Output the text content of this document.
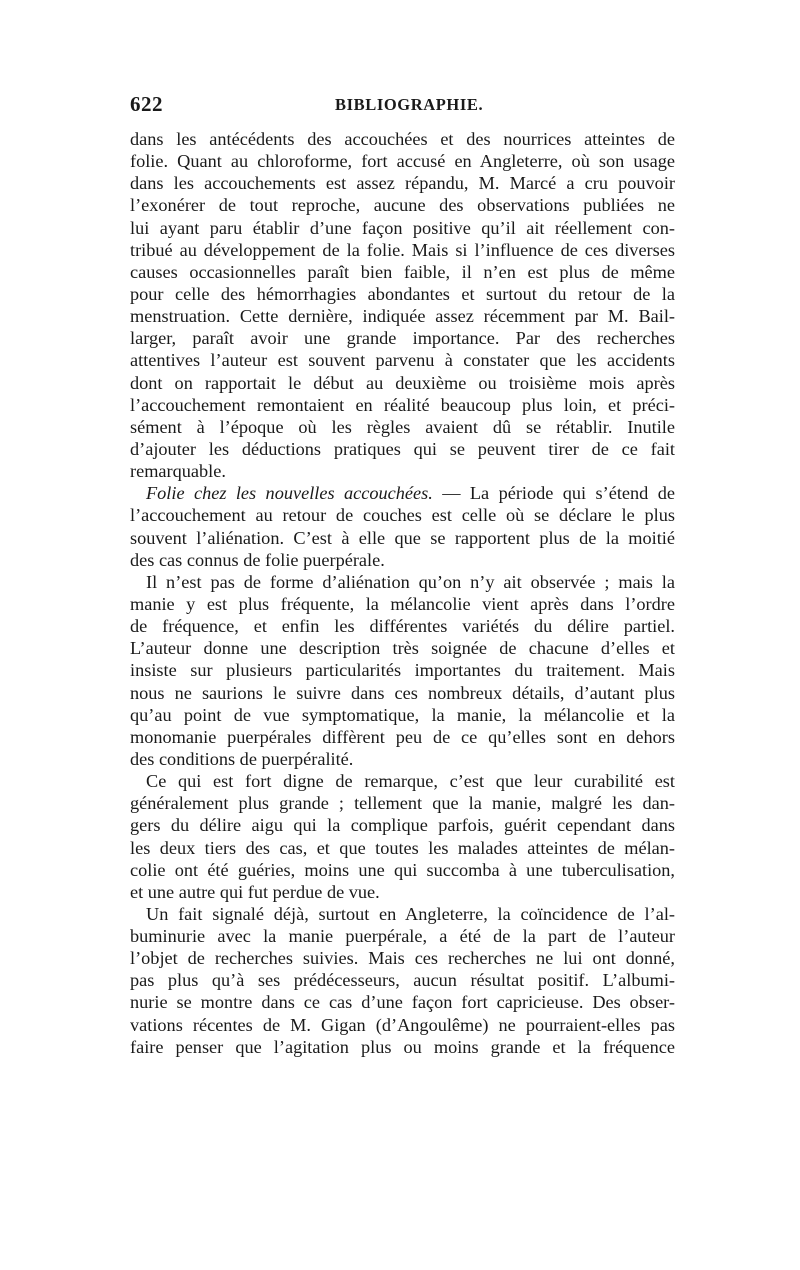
622	BIBLIOGRAPHIE.
dans les antécédents des accouchées et des nourrices atteintes de
folie. Quant au chloroforme, fort accusé en Angleterre, où son usage
dans les accouchements est assez répandu, M. Marcé a cru pouvoir
l’exonérer de tout reproche, aucune des observations publiées ne
lui ayant paru établir d’une façon positive qu’il ait réellement con-
tribué au développement de la folie. Mais si l’influence de ces diverses
causes occasionnelles paraît bien faible, il n’en est plus de même
pour celle des hémorrhagies abondantes et surtout du retour de la
menstruation. Cette dernière, indiquée assez récemment par M. Bail-
larger, paraît avoir une grande importance. Par des recherches
attentives l’auteur est souvent parvenu à constater que les accidents
dont on rapportait le début au deuxième ou troisième mois après
l’accouchement remontaient en réalité beaucoup plus loin, et préci-
sément à l’époque où les règles avaient dû se rétablir. Inutile
d’ajouter les déductions pratiques qui se peuvent tirer de ce fait
remarquable.
Folie chez les nouvelles accouchées. — La période qui s’étend de
l’accouchement au retour de couches est celle où se déclare le plus
souvent l’aliénation. C’est à elle que se rapportent plus de la moitié
des cas connus de folie puerpérale.
Il n’est pas de forme d’aliénation qu’on n’y ait observée ; mais la
manie y est plus fréquente, la mélancolie vient après dans l’ordre
de fréquence, et enfin les différentes variétés du délire partiel.
L’auteur donne une description très soignée de chacune d’elles et
insiste sur plusieurs particularités importantes du traitement. Mais
nous ne saurions le suivre dans ces nombreux détails, d’autant plus
qu’au point de vue symptomatique, la manie, la mélancolie et la
monomanie puerpérales diffèrent peu de ce qu’elles sont en dehors
des conditions de puerpéralité.
Ce qui est fort digne de remarque, c’est que leur curabilité est
généralement plus grande ; tellement que la manie, malgré les dan-
gers du délire aigu qui la complique parfois, guérit cependant dans
les deux tiers des cas, et que toutes les malades atteintes de mélan-
colie ont été guéries, moins une qui succomba à une tuberculisation,
et une autre qui fut perdue de vue.
Un fait signalé déjà, surtout en Angleterre, la coïncidence de l’al-
buminurie avec la manie puerpérale, a été de la part de l’auteur
l’objet de recherches suivies. Mais ces recherches ne lui ont donné,
pas plus qu’à ses prédécesseurs, aucun résultat positif. L’albumi-
nurie se montre dans ce cas d’une façon fort capricieuse. Des obser-
vations récentes de M. Gigan (d’Angoulême) ne pourraient-elles pas
faire penser que l’agitation plus ou moins grande et la fréquence
